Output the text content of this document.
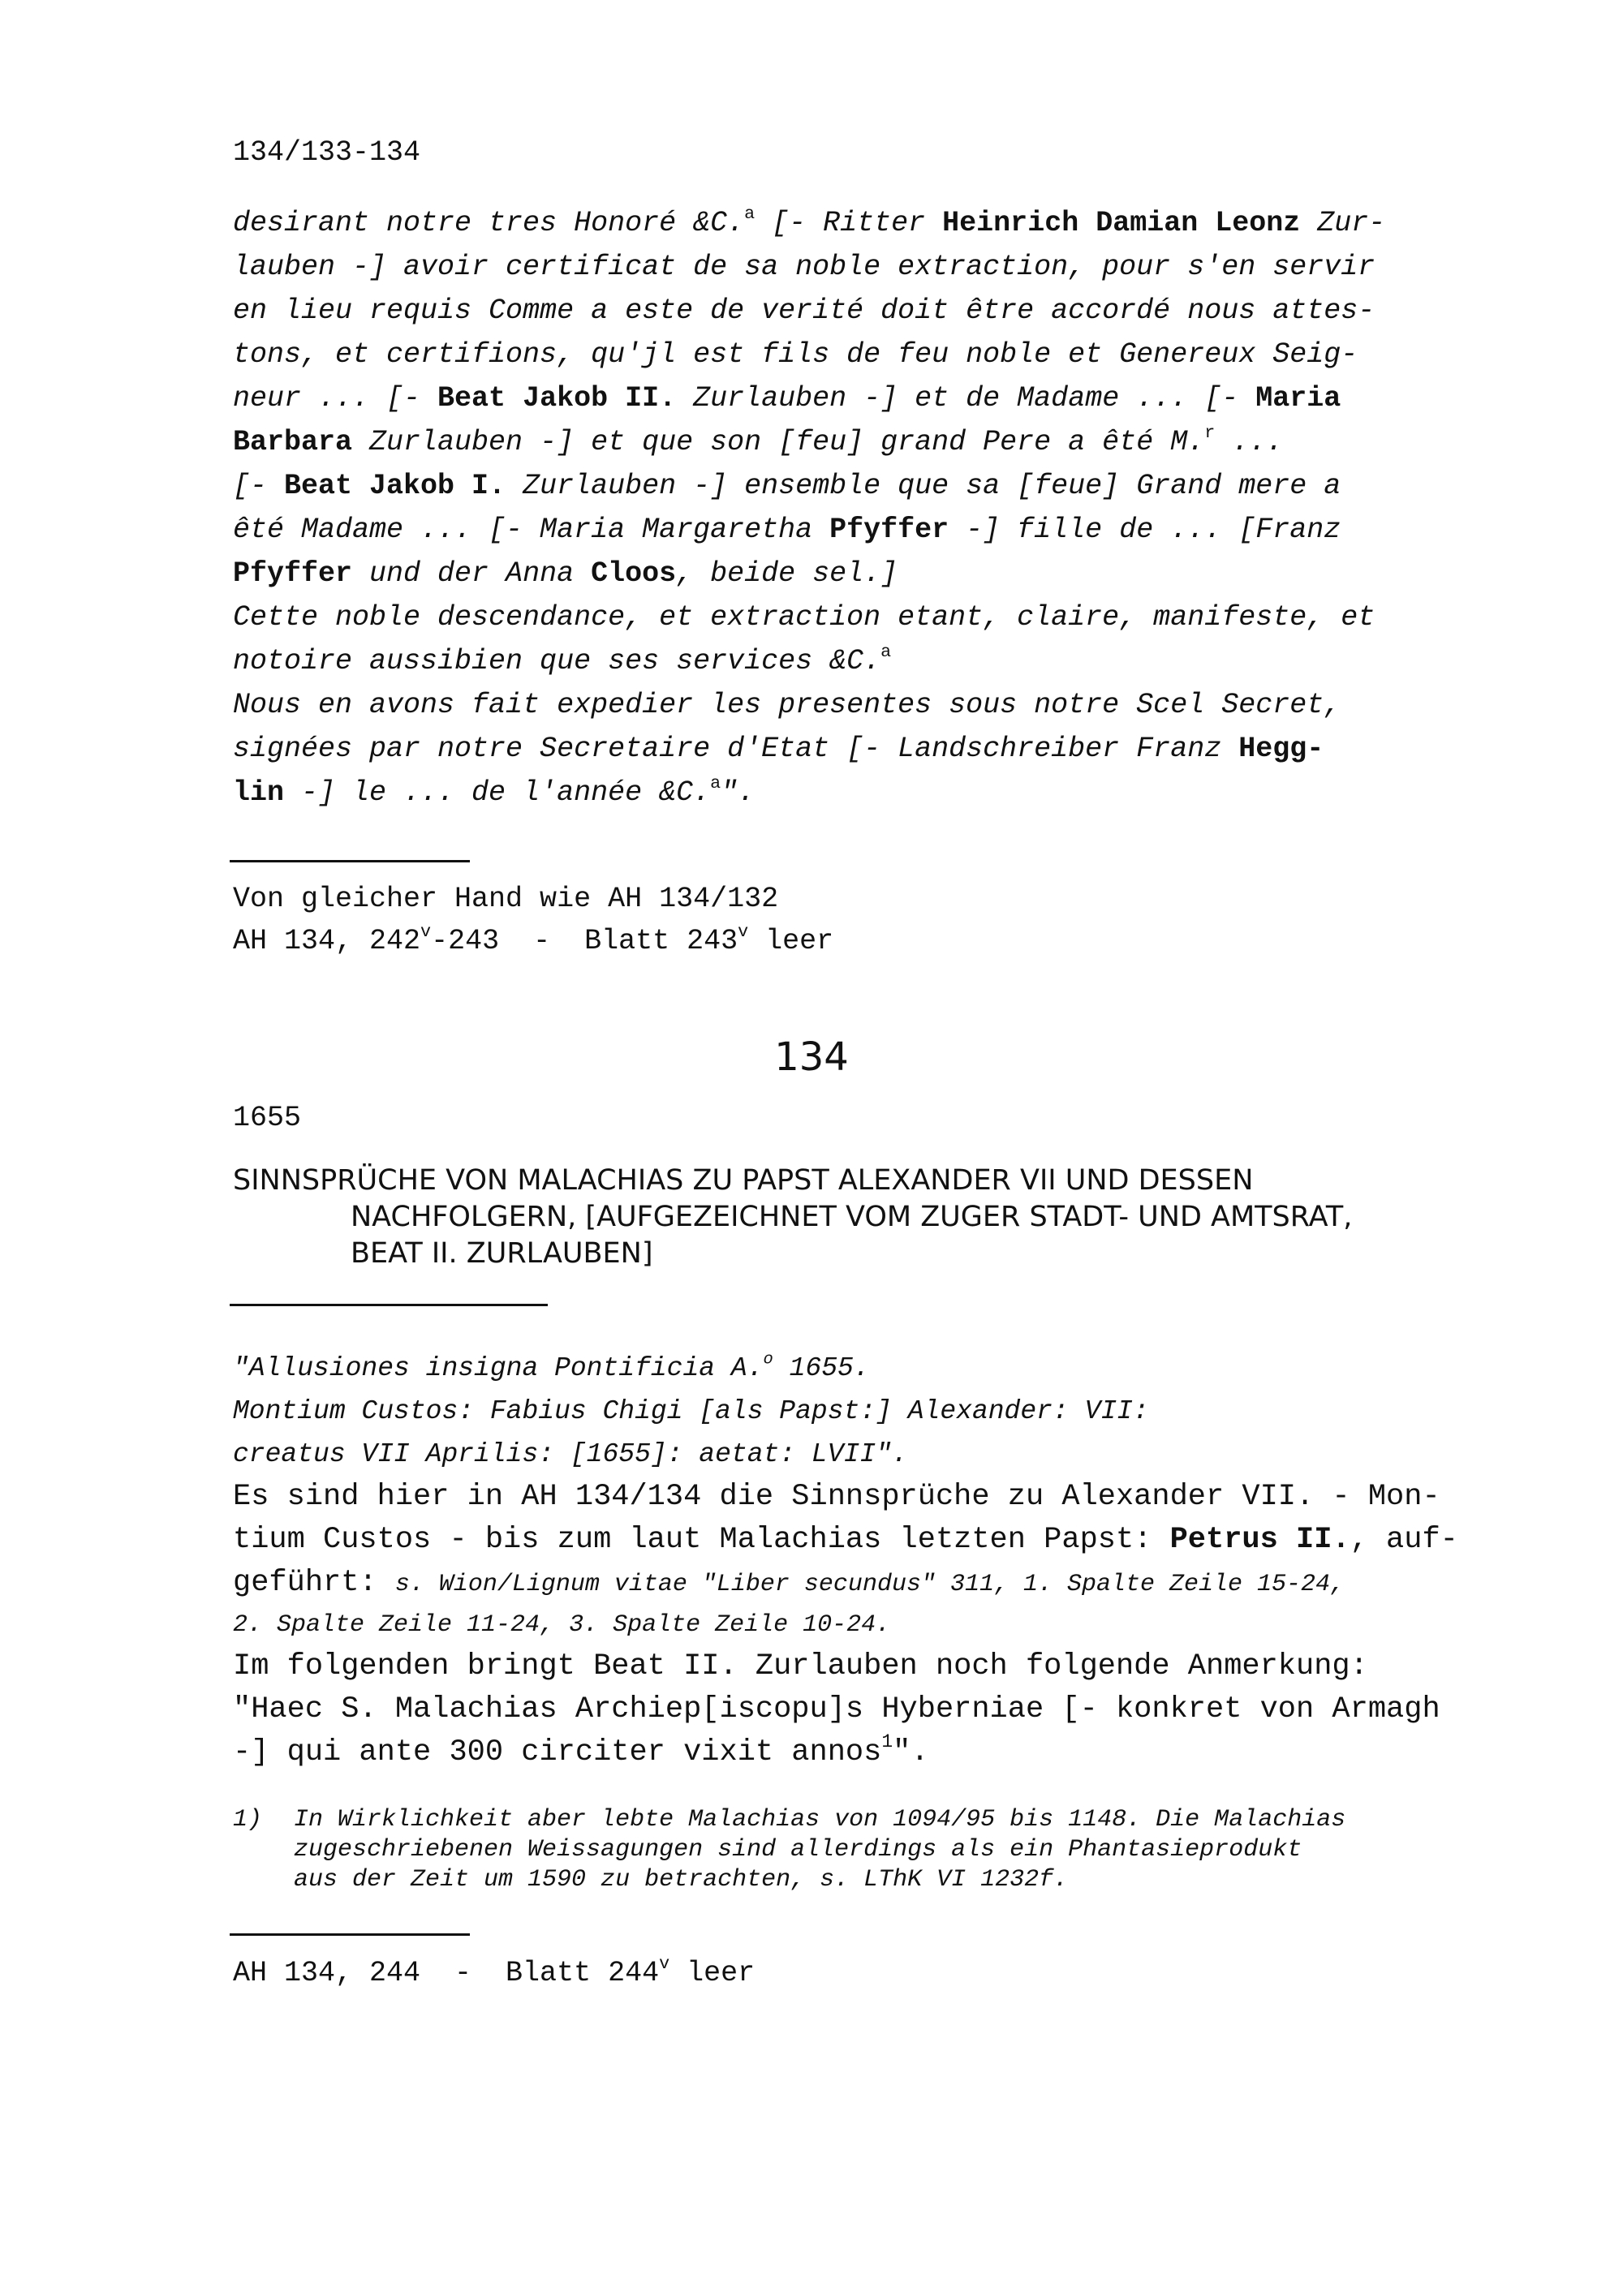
134/133-134
desirant notre tres Honoré &C.$^a$ [- Ritter Heinrich Damian Leonz Zur-
lauben -] avoir certificat de sa noble extraction, pour s'en servir
en lieu requis Comme a este de verité doit être accordé nous attes-
tons, et certifions, qu'jl est fils de feu noble et Genereux Seig-
neur ... [- Beat Jakob II. Zurlauben -] et de Madame ... [- Maria
Barbara Zurlauben -] et que son [feu] grand Pere a êté M.$^r$ ...
[- Beat Jakob I. Zurlauben -] ensemble que sa [feue] Grand mere a
êté Madame ... [- Maria Margaretha Pfyffer -] fille de ... [Franz
Pfyffer und der Anna Cloos, beide sel.]
Cette noble descendance, et extraction etant, claire, manifeste, et
notoire aussibien que ses services &C.$^a$
Nous en avons fait expedier les presentes sous notre Scel Secret,
signées par notre Secretaire d'Etat [- Landschreiber Franz Hegg-
lin -] le ... de l'année &C.$^a$".
Von gleicher Hand wie AH 134/132
AH 134, 242$^v$-243  -  Blatt 243$^v$ leer
134
1655
SINNSPRÜCHE VON MALACHIAS ZU PAPST ALEXANDER VII UND DESSEN
NACHFOLGERN, [AUFGEZEICHNET VOM ZUGER STADT- UND AMTSRAT,
BEAT II. ZURLAUBEN]
"Allusiones insigna Pontificia A.$^o$ 1655.
Montium Custos: Fabius Chigi [als Papst:] Alexander: VII:
creatus VII Aprilis: [1655]: aetat: LVII".
Es sind hier in AH 134/134 die Sinnsprüche zu Alexander VII. - Mon-
tium Custos - bis zum laut Malachias letzten Papst: Petrus II., auf-
geführt: s. Wion/Lignum vitae "Liber secundus" 311, 1. Spalte Zeile 15-24,
2. Spalte Zeile 11-24, 3. Spalte Zeile 10-24.
Im folgenden bringt Beat II. Zurlauben noch folgende Anmerkung:
"Haec S. Malachias Archiep[iscopu]s Hyberniae [- konkret von Armagh
-] qui ante 300 circiter vixit annos$^1$".
1) In Wirklichkeit aber lebte Malachias von 1094/95 bis 1148. Die Malachias
zugeschriebenen Weissagungen sind allerdings als ein Phantasieprodukt
aus der Zeit um 1590 zu betrachten, s. LThK VI 1232f.
AH 134, 244  -  Blatt 244$^v$ leer
